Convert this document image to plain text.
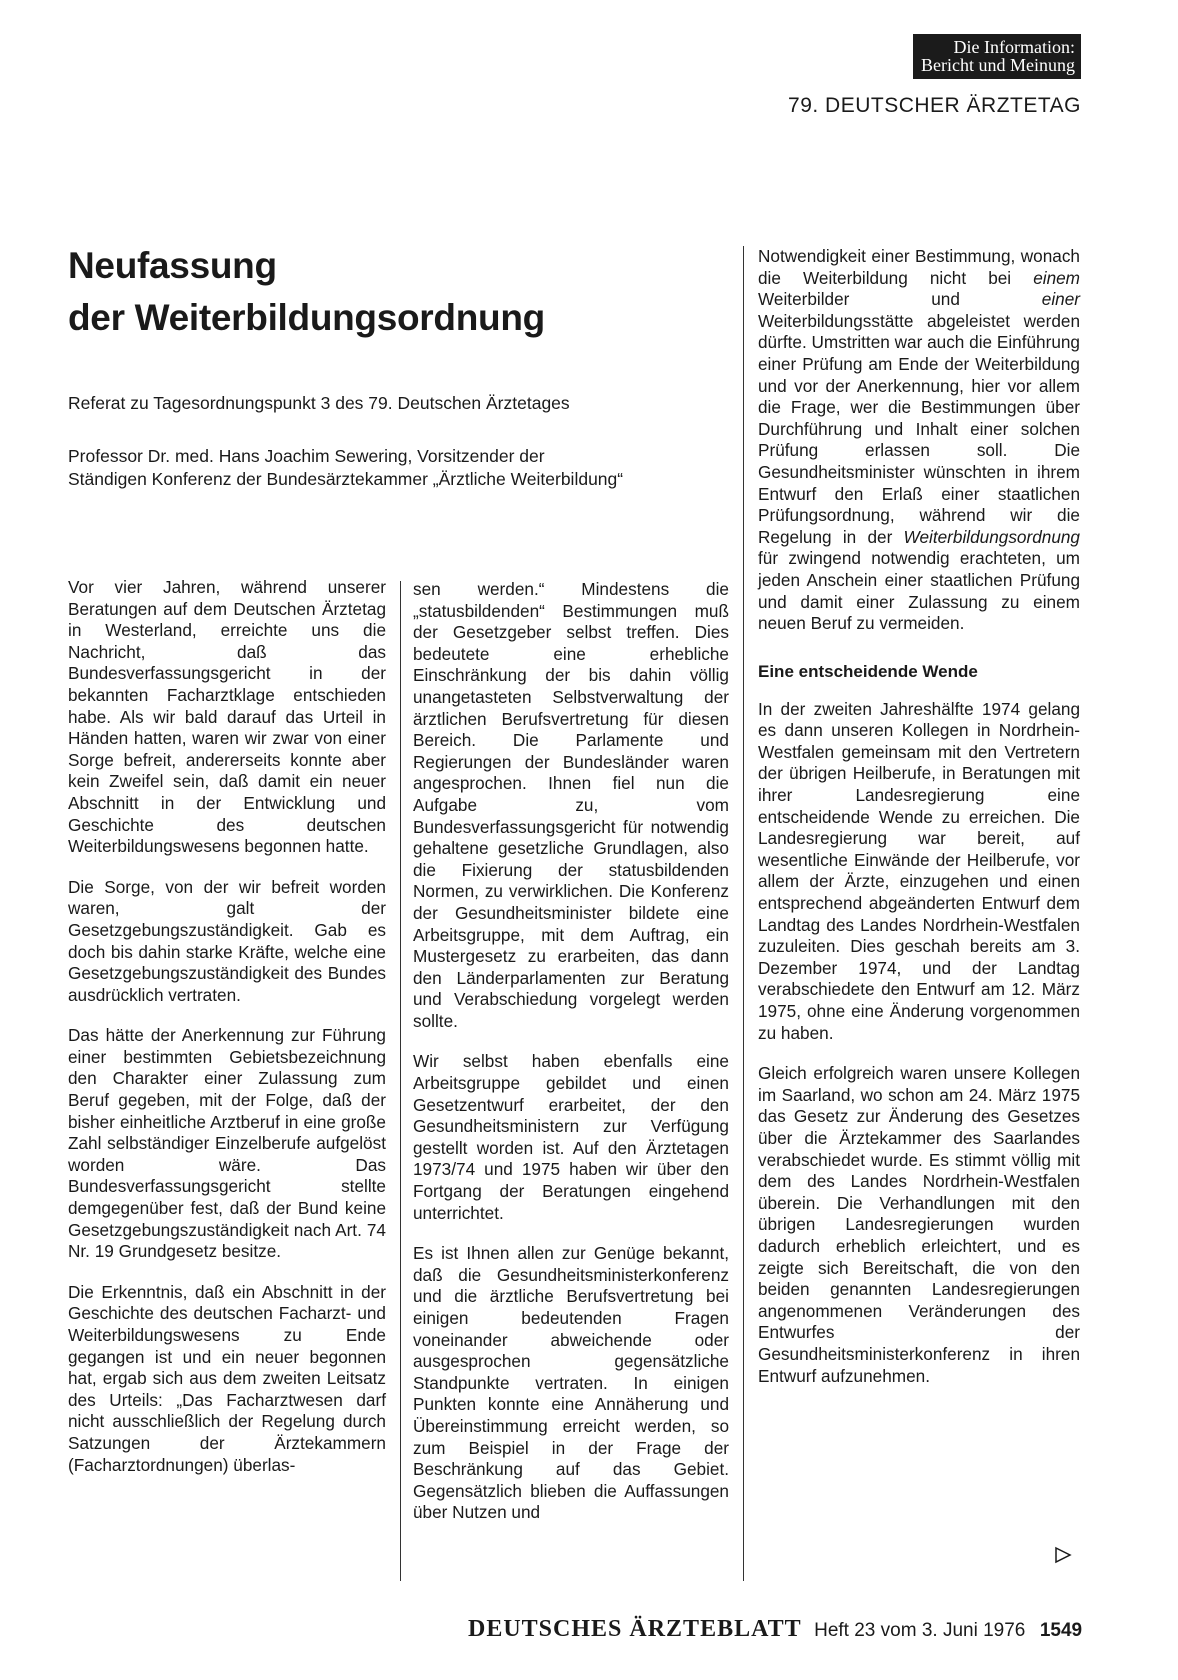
Die Information:
Bericht und Meinung
79. DEUTSCHER ÄRZTETAG
Neufassung
der Weiterbildungsordnung
Referat zu Tagesordnungspunkt 3 des 79. Deutschen Ärztetages
Professor Dr. med. Hans Joachim Sewering, Vorsitzender der
Ständigen Konferenz der Bundesärztekammer „Ärztliche Weiterbildung“

Vor vier Jahren, während unserer Beratungen auf dem Deutschen Ärztetag in Westerland, erreichte uns die Nachricht, daß das Bundesverfassungsgericht in der bekannten Facharztklage entschieden habe. Als wir bald darauf das Urteil in Händen hatten, waren wir zwar von einer Sorge befreit, andererseits konnte aber kein Zweifel sein, daß damit ein neuer Abschnitt in der Entwicklung und Geschichte des deutschen Weiterbildungswesens begonnen hatte.

Die Sorge, von der wir befreit worden waren, galt der Gesetzgebungszuständigkeit. Gab es doch bis dahin starke Kräfte, welche eine Gesetzgebungszuständigkeit des Bundes ausdrücklich vertraten.

Das hätte der Anerkennung zur Führung einer bestimmten Gebietsbezeichnung den Charakter einer Zulassung zum Beruf gegeben, mit der Folge, daß der bisher einheitliche Arztberuf in eine große Zahl selbständiger Einzelberufe aufgelöst worden wäre. Das Bundesverfassungsgericht stellte demgegenüber fest, daß der Bund keine Gesetzgebungszuständigkeit nach Art. 74 Nr. 19 Grundgesetz besitze.

Die Erkenntnis, daß ein Abschnitt in der Geschichte des deutschen Facharzt- und Weiterbildungswesens zu Ende gegangen ist und ein neuer begonnen hat, ergab sich aus dem zweiten Leitsatz des Urteils: „Das Facharztwesen darf nicht ausschließlich der Regelung durch Satzungen der Ärztekammern (Facharztordnungen) überlas-

sen werden.“ Mindestens die „statusbildenden“ Bestimmungen muß der Gesetzgeber selbst treffen. Dies bedeutete eine erhebliche Einschränkung der bis dahin völlig unangetasteten Selbstverwaltung der ärztlichen Berufsvertretung für diesen Bereich. Die Parlamente und Regierungen der Bundesländer waren angesprochen. Ihnen fiel nun die Aufgabe zu, vom Bundesverfassungsgericht für notwendig gehaltene gesetzliche Grundlagen, also die Fixierung der statusbildenden Normen, zu verwirklichen. Die Konferenz der Gesundheitsminister bildete eine Arbeitsgruppe, mit dem Auftrag, ein Mustergesetz zu erarbeiten, das dann den Länderparlamenten zur Beratung und Verabschiedung vorgelegt werden sollte.

Wir selbst haben ebenfalls eine Arbeitsgruppe gebildet und einen Gesetzentwurf erarbeitet, der den Gesundheitsministern zur Verfügung gestellt worden ist. Auf den Ärztetagen 1973/74 und 1975 haben wir über den Fortgang der Beratungen eingehend unterrichtet.

Es ist Ihnen allen zur Genüge bekannt, daß die Gesundheitsministerkonferenz und die ärztliche Berufsvertretung bei einigen bedeutenden Fragen voneinander abweichende oder ausgesprochen gegensätzliche Standpunkte vertraten. In einigen Punkten konnte eine Annäherung und Übereinstimmung erreicht werden, so zum Beispiel in der Frage der Beschränkung auf das Gebiet. Gegensätzlich blieben die Auffassungen über Nutzen und

Notwendigkeit einer Bestimmung, wonach die Weiterbildung nicht bei einem Weiterbilder und einer Weiterbildungsstätte abgeleistet werden dürfte. Umstritten war auch die Einführung einer Prüfung am Ende der Weiterbildung und vor der Anerkennung, hier vor allem die Frage, wer die Bestimmungen über Durchführung und Inhalt einer solchen Prüfung erlassen soll. Die Gesundheitsminister wünschten in ihrem Entwurf den Erlaß einer staatlichen Prüfungsordnung, während wir die Regelung in der Weiterbildungsordnung für zwingend notwendig erachteten, um jeden Anschein einer staatlichen Prüfung und damit einer Zulassung zu einem neuen Beruf zu vermeiden.

Eine entscheidende Wende

In der zweiten Jahreshälfte 1974 gelang es dann unseren Kollegen in Nordrhein-Westfalen gemeinsam mit den Vertretern der übrigen Heilberufe, in Beratungen mit ihrer Landesregierung eine entscheidende Wende zu erreichen. Die Landesregierung war bereit, auf wesentliche Einwände der Heilberufe, vor allem der Ärzte, einzugehen und einen entsprechend abgeänderten Entwurf dem Landtag des Landes Nordrhein-Westfalen zuzuleiten. Dies geschah bereits am 3. Dezember 1974, und der Landtag verabschiedete den Entwurf am 12. März 1975, ohne eine Änderung vorgenommen zu haben.

Gleich erfolgreich waren unsere Kollegen im Saarland, wo schon am 24. März 1975 das Gesetz zur Änderung des Gesetzes über die Ärztekammer des Saarlandes verabschiedet wurde. Es stimmt völlig mit dem des Landes Nordrhein-Westfalen überein. Die Verhandlungen mit den übrigen Landesregierungen wurden dadurch erheblich erleichtert, und es zeigte sich Bereitschaft, die von den beiden genannten Landesregierungen angenommenen Veränderungen des Entwurfes der Gesundheitsministerkonferenz in ihren Entwurf aufzunehmen.

DEUTSCHES ÄRZTEBLATT Heft 23 vom 3. Juni 1976 1549
